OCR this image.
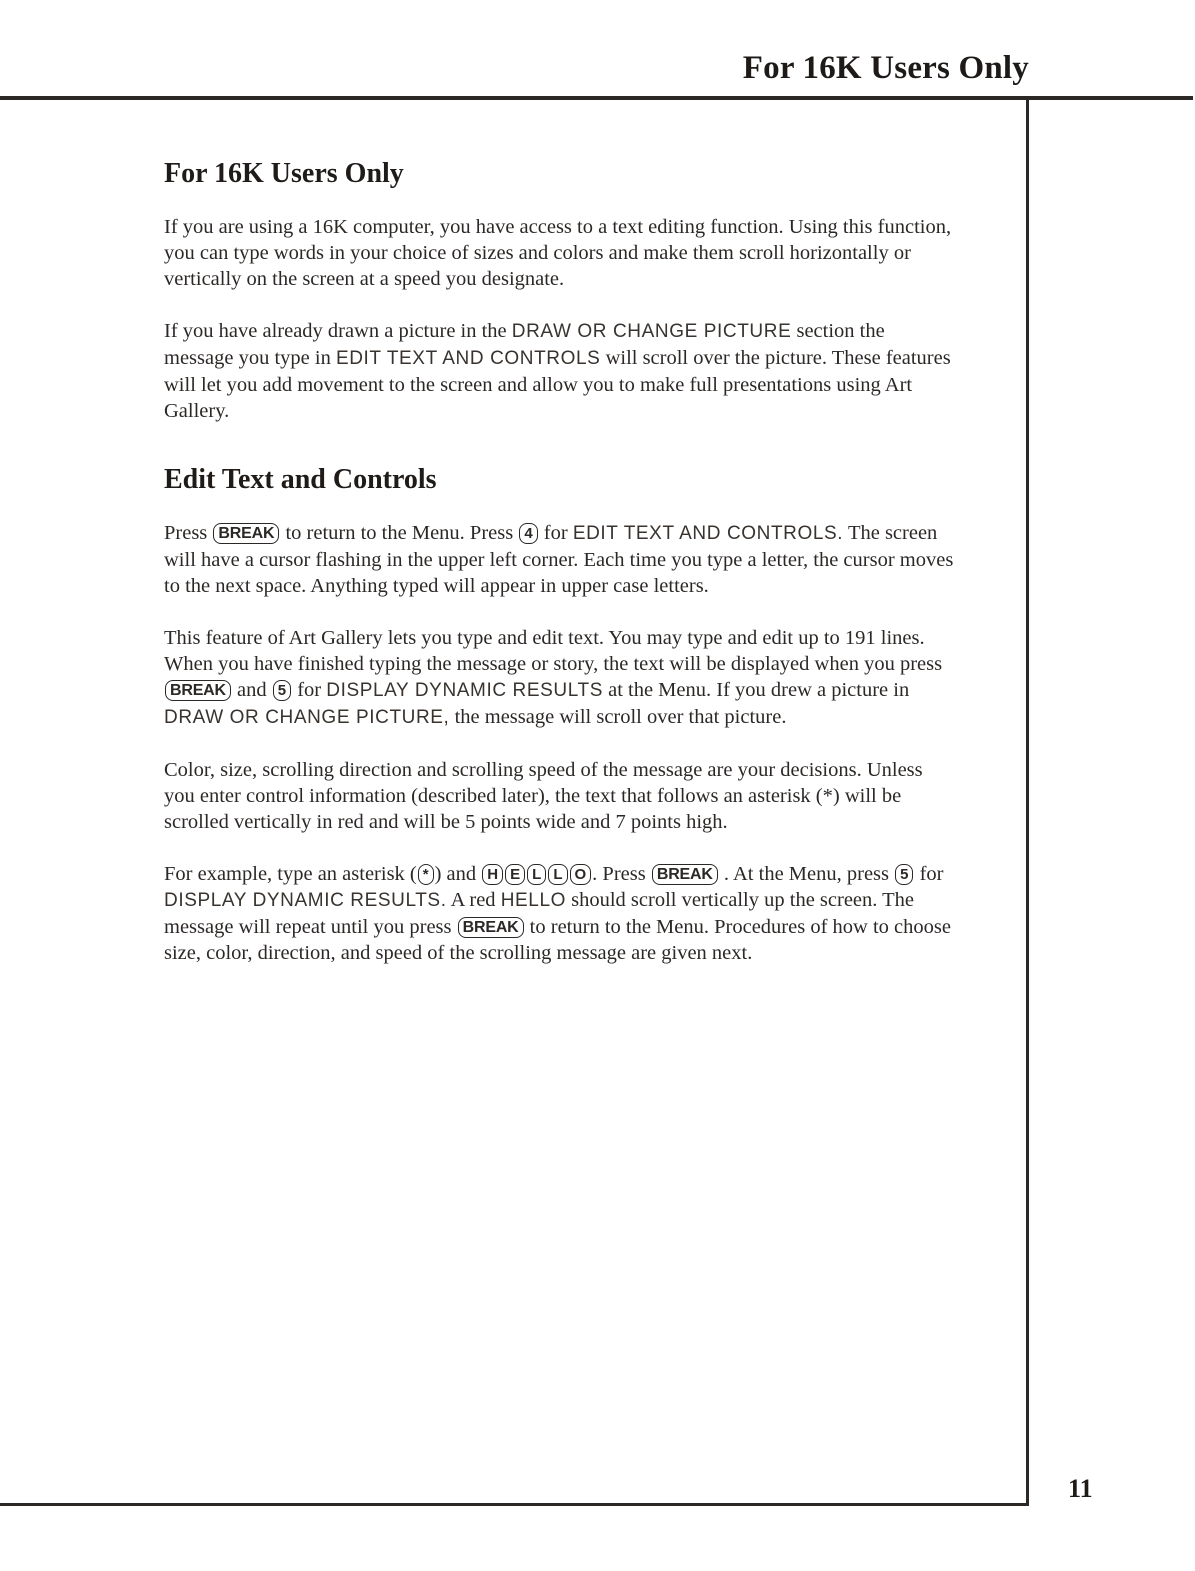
For 16K Users Only
11
For 16K Users Only

If you are using a 16K computer, you have access to a text editing function. Using this function, you can type words in your choice of sizes and colors and make them scroll horizontally or vertically on the screen at a speed you designate.

If you have already drawn a picture in the DRAW OR CHANGE PICTURE section the message you type in EDIT TEXT AND CONTROLS will scroll over the picture. These features will let you add movement to the screen and allow you to make full presentations using Art Gallery.

Edit Text and Controls

Press BREAK to return to the Menu. Press 4 for EDIT TEXT AND CONTROLS. The screen will have a cursor flashing in the upper left corner. Each time you type a letter, the cursor moves to the next space. Anything typed will appear in upper case letters.

This feature of Art Gallery lets you type and edit text. You may type and edit up to 191 lines. When you have finished typing the message or story, the text will be displayed when you pressBREAK and 5 for DISPLAY DYNAMIC RESULTS at the Menu. If you drew a picture in DRAW OR CHANGE PICTURE, the message will scroll over that picture.

Color, size, scrolling direction and scrolling speed of the message are your decisions. Unless you enter control information (described later), the text that follows an asterisk (*) will be scrolled vertically in red and will be 5 points wide and 7 points high.

For example, type an asterisk ( * ) and H E L L O . Press BREAK . At the Menu, press 5 for DISPLAY DYNAMIC RESULTS. A red HELLO should scroll vertically up the screen. The message will repeat until you press BREAK to return to the Menu. Procedures of how to choose size, color, direction, and speed of the scrolling message are given next.
